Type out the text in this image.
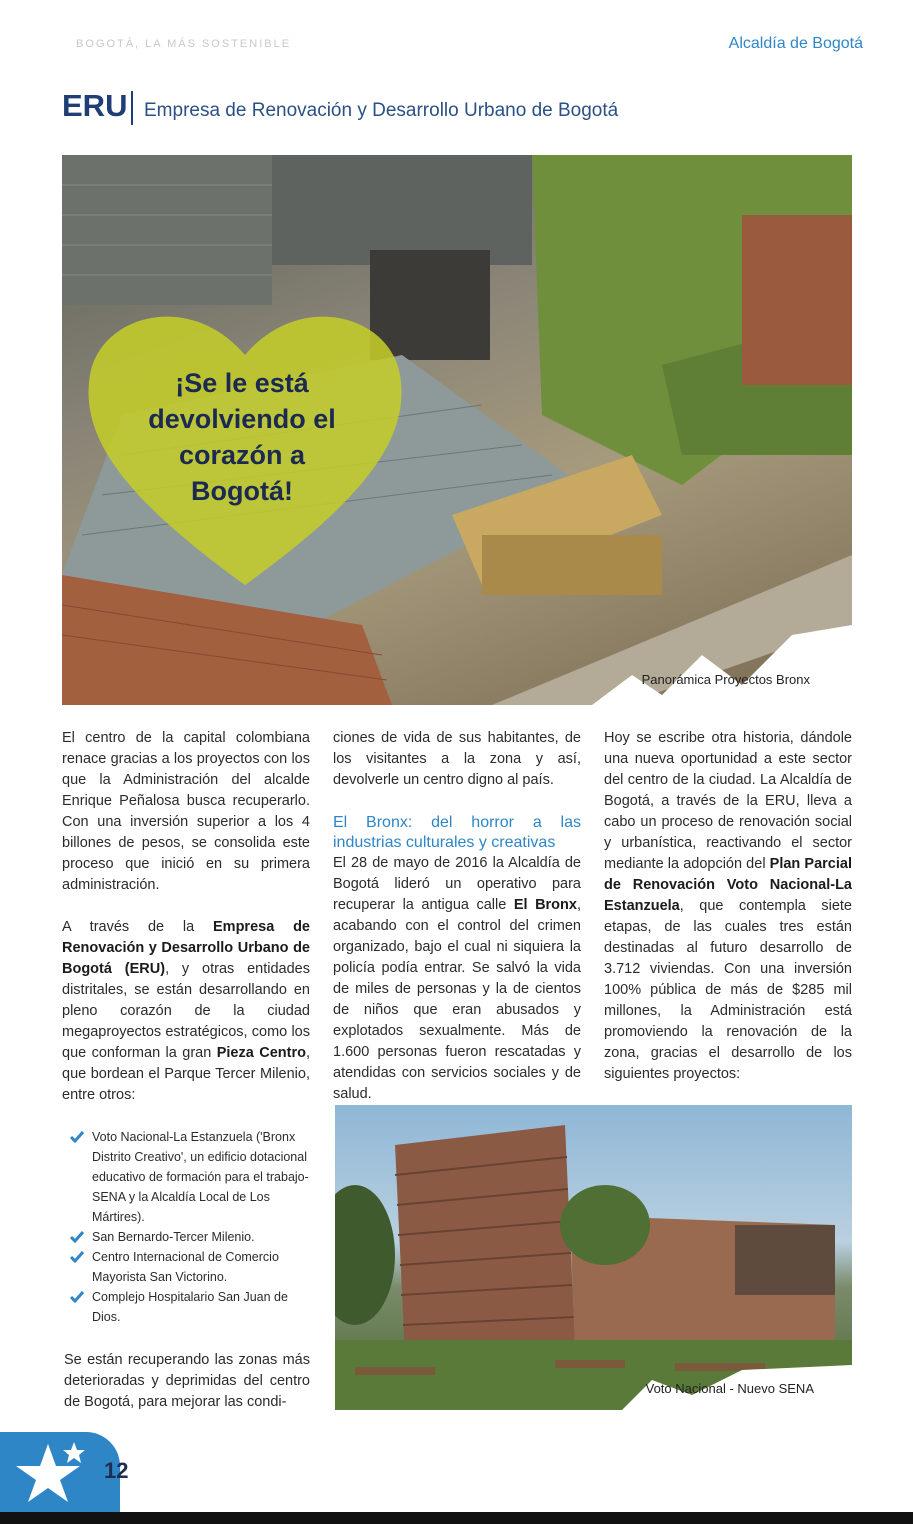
BOGOTÁ, LA MÁS SOSTENIBLE	Alcaldía de Bogotá
ERU Empresa de Renovación y Desarrollo Urbano de Bogotá
¡Se le está devolviendo el corazón a Bogotá!
Panorámica Proyectos Bronx

El centro de la capital colombiana renace gracias a los proyectos con los que la Administración del alcalde Enrique Peñalosa busca recuperarlo. Con una inversión superior a los 4 billones de pesos, se consolida este proceso que inició en su primera administración.

A través de la Empresa de Renovación y Desarrollo Urbano de Bogotá (ERU), y otras entidades distritales, se están desarrollando en pleno corazón de la ciudad megaproyectos estratégicos, como los que conforman la gran Pieza Centro, que bordean el Parque Tercer Milenio, entre otros:

ciones de vida de sus habitantes, de los visitantes a la zona y así, devolverle un centro digno al país.

El Bronx: del horror a las industrias culturales y creativas

El 28 de mayo de 2016 la Alcaldía de Bogotá lideró un operativo para recuperar la antigua calle El Bronx, acabando con el control del crimen organizado, bajo el cual ni siquiera la policía podía entrar. Se salvó la vida de miles de personas y la de cientos de niños que eran abusados y explotados sexualmente. Más de 1.600 personas fueron rescatadas y atendidas con servicios sociales y de salud.

Hoy se escribe otra historia, dándole una nueva oportunidad a este sector del centro de la ciudad. La Alcaldía de Bogotá, a través de la ERU, lleva a cabo un proceso de renovación social y urbanística, reactivando el sector mediante la adopción del Plan Parcial de Renovación Voto Nacional-La Estanzuela, que contempla siete etapas, de las cuales tres están destinadas al futuro desarrollo de 3.712 viviendas. Con una inversión 100% pública de más de $285 mil millones, la Administración está promoviendo la renovación de la zona, gracias el desarrollo de los siguientes proyectos:

Voto Nacional-La Estanzuela ('Bronx Distrito Creativo', un edificio dotacional educativo de formación para el trabajo-SENA y la Alcaldía Local de Los Mártires).
San Bernardo-Tercer Milenio.
Centro Internacional de Comercio Mayorista San Victorino.
Complejo Hospitalario San Juan de Dios.

Se están recuperando las zonas más deterioradas y deprimidas del centro de Bogotá, para mejorar las condi-

Voto Nacional - Nuevo SENA
12
